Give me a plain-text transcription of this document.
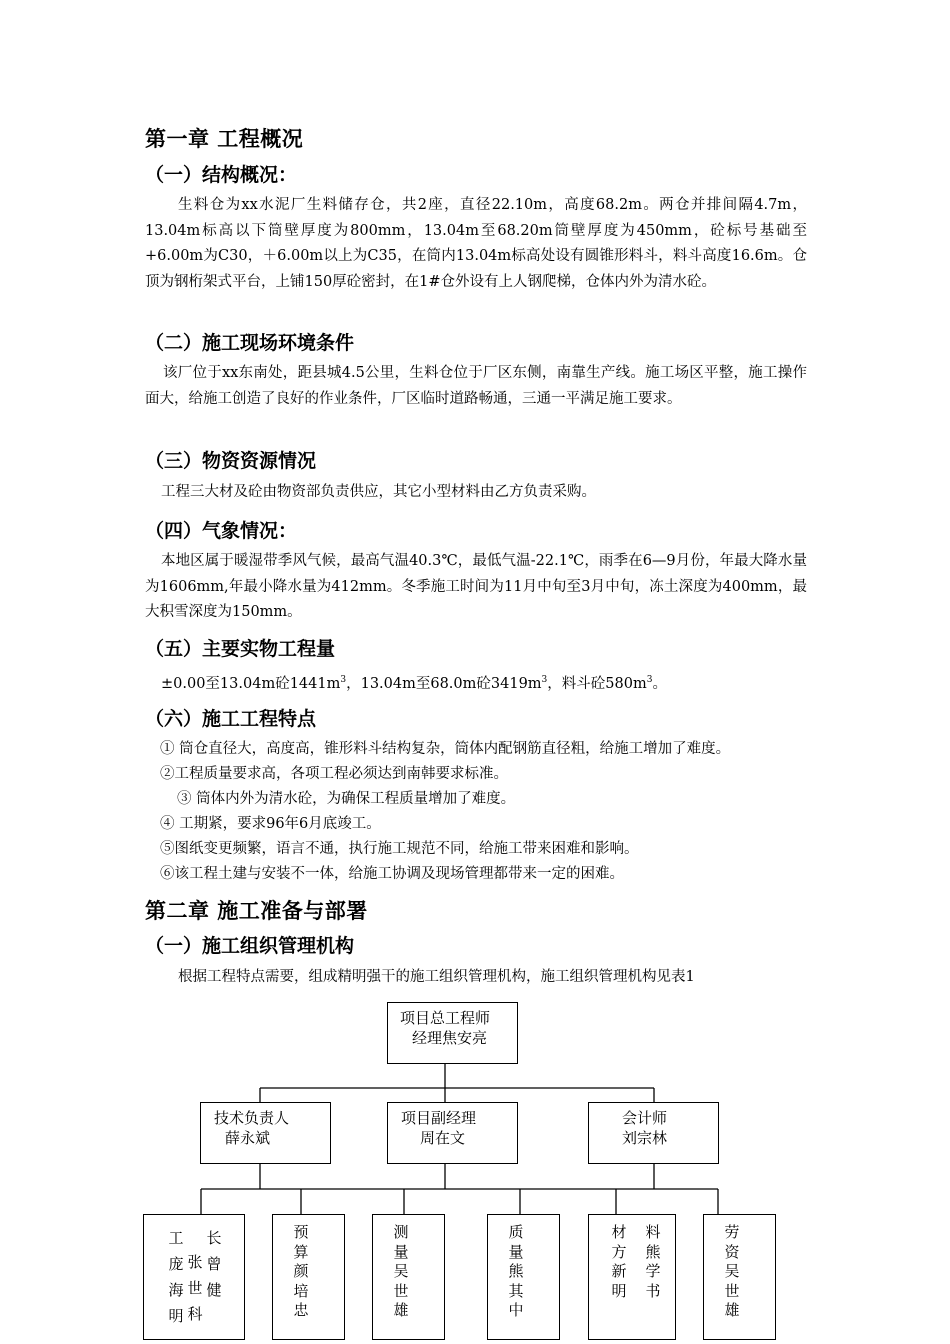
第一章 工程概况
（一）结构概况：
生料仓为xx水泥厂生料储存仓，共2座，直径22.10m，高度68.2m。两仓并排间隔4.7m，13.04m标高以下筒壁厚度为800mm，13.04m至68.20m筒壁厚度为450mm，砼标号基础至+6.00m为C30，＋6.00m以上为C35，在筒内13.04m标高处设有圆锥形料斗，料斗高度16.6m。仓顶为钢桁架式平台，上铺150厚砼密封，在1#仓外设有上人钢爬梯，仓体内外为清水砼。
（二）施工现场环境条件
该厂位于xx东南处，距县城4.5公里，生料仓位于厂区东侧，南靠生产线。施工场区平整，施工操作面大，给施工创造了良好的作业条件，厂区临时道路畅通，三通一平满足施工要求。
（三）物资资源情况
工程三大材及砼由物资部负责供应，其它小型材料由乙方负责采购。
（四）气象情况：
本地区属于暖湿带季风气候，最高气温40.3℃，最低气温-22.1℃，雨季在6—9月份，年最大降水量为1606mm,年最小降水量为412mm。冬季施工时间为11月中旬至3月中旬，冻土深度为400mm，最大积雪深度为150mm。
（五）主要实物工程量
±0.00至13.04m砼$1441m^3$，13.04m至68.0m砼$3419m^3$，料斗砼$580m^3$。
（六）施工工程特点
① 筒仓直径大，高度高，锥形料斗结构复杂，筒体内配钢筋直径粗，给施工增加了难度。
②工程质量要求高，各项工程必须达到南韩要求标准。
③ 筒体内外为清水砼，为确保工程质量增加了难度。
④ 工期紧，要求96年6月底竣工。
⑤图纸变更频繁，语言不通，执行施工规范不同，给施工带来困难和影响。
⑥该工程土建与安装不一体，给施工协调及现场管理都带来一定的困难。
第二章 施工准备与部署
（一）施工组织管理机构
根据工程特点需要，组成精明强干的施工组织管理机构，施工组织管理机构见表1
项目总工程师
经理焦安亮
技术负责人
薛永斌
项目副经理
周在文
会计师
刘宗林
工
庞
海
明
张
世
科
长
曾
健
预
算
颜
培
忠
测
量
吴
世
雄
质
量
熊
其
中
材
方
新
明
料
熊
学
书
劳
资
吴
世
雄
